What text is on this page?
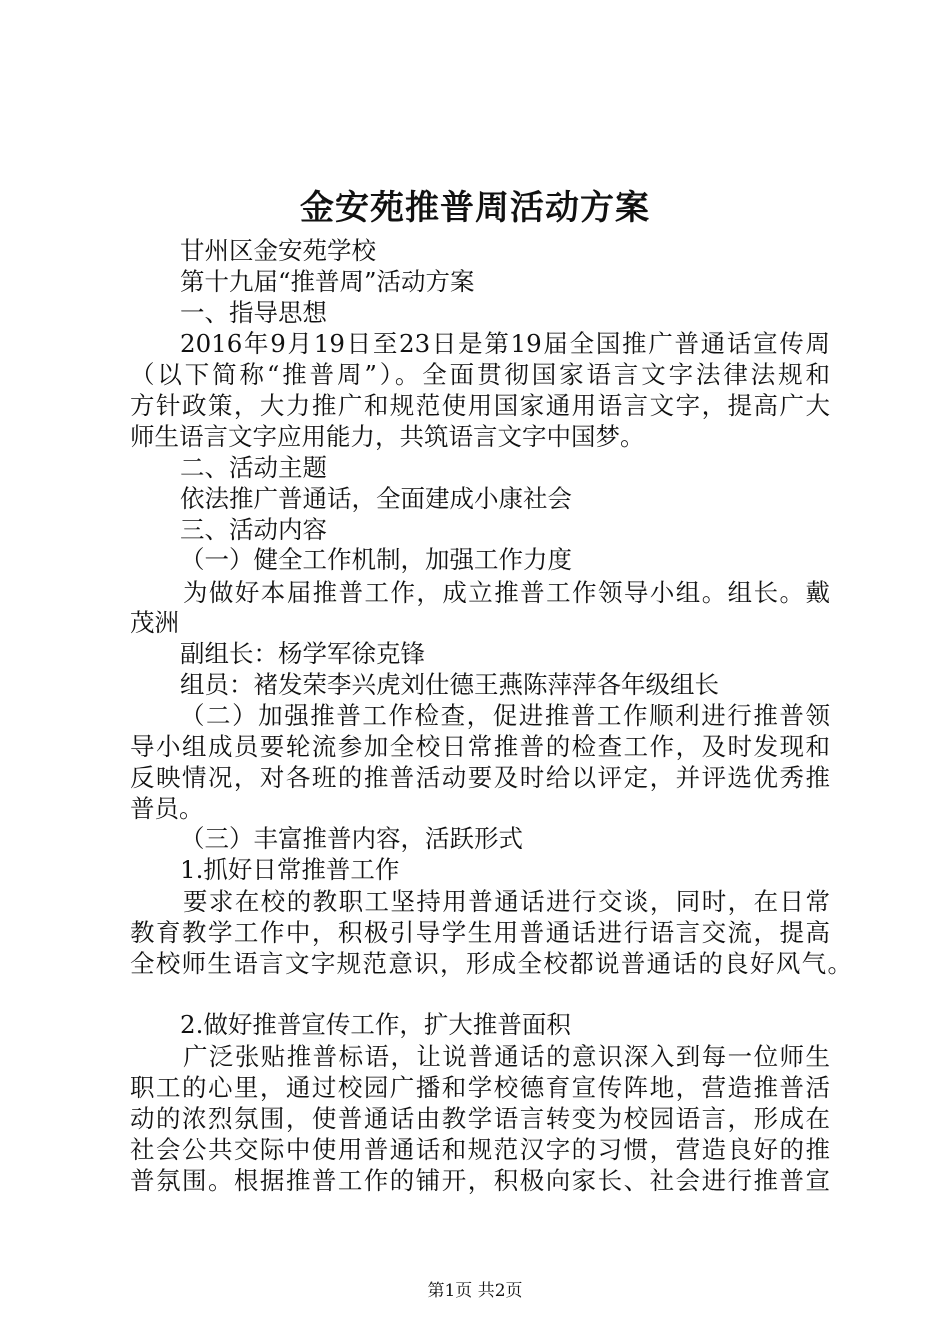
金安苑推普周活动方案
甘州区金安苑学校
第十九届“推普周”活动方案
一、指导思想
2016年9月19日至23日是第19届全国推广普通话宣传周
（以下简称“推普周”）。全面贯彻国家语言文字法律法规和
方针政策，大力推广和规范使用国家通用语言文字，提高广大
师生语言文字应用能力，共筑语言文字中国梦。
二、活动主题
依法推广普通话，全面建成小康社会
三、活动内容
（一）健全工作机制，加强工作力度
为做好本届推普工作，成立推普工作领导小组。组长。戴
茂洲
副组长：杨学军徐克锋
组员：褚发荣李兴虎刘仕德王燕陈萍萍各年级组长
（二）加强推普工作检查，促进推普工作顺利进行推普领
导小组成员要轮流参加全校日常推普的检查工作，及时发现和
反映情况，对各班的推普活动要及时给以评定，并评选优秀推
普员。
（三）丰富推普内容，活跃形式
1.抓好日常推普工作
要求在校的教职工坚持用普通话进行交谈，同时，在日常
教育教学工作中，积极引导学生用普通话进行语言交流，提高
全校师生语言文字规范意识，形成全校都说普通话的良好风气。
2.做好推普宣传工作，扩大推普面积
广泛张贴推普标语，让说普通话的意识深入到每一位师生
职工的心里，通过校园广播和学校德育宣传阵地，营造推普活
动的浓烈氛围，使普通话由教学语言转变为校园语言，形成在
社会公共交际中使用普通话和规范汉字的习惯，营造良好的推
普氛围。根据推普工作的铺开，积极向家长、社会进行推普宣
第1页 共2页
